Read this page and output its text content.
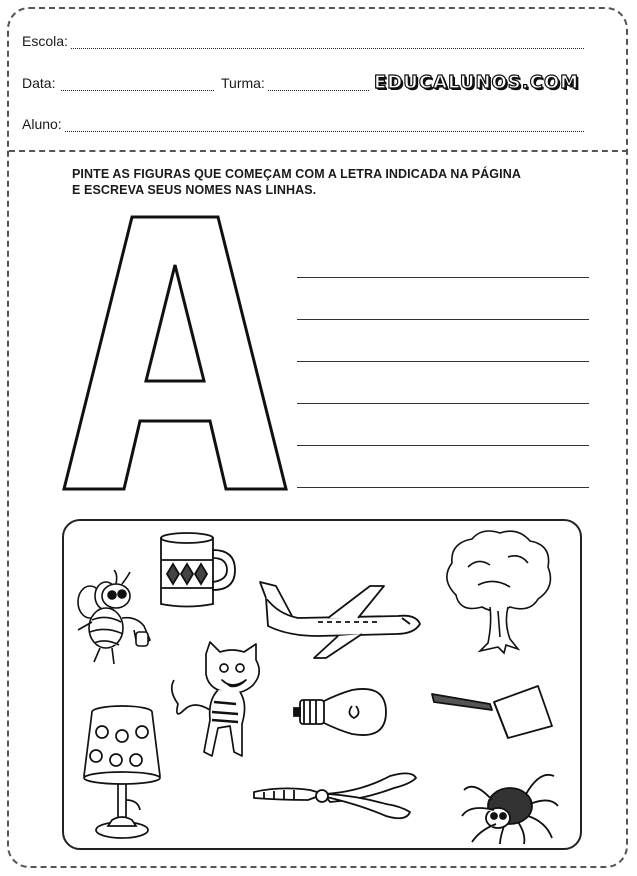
Escola:
Data:	Turma:	EDUCALUNOS.COM
Aluno:
PINTE AS FIGURAS QUE COMEÇAM COM A LETRA INDICADA NA PÁGINA
E ESCREVA SEUS NOMES NAS LINHAS.
